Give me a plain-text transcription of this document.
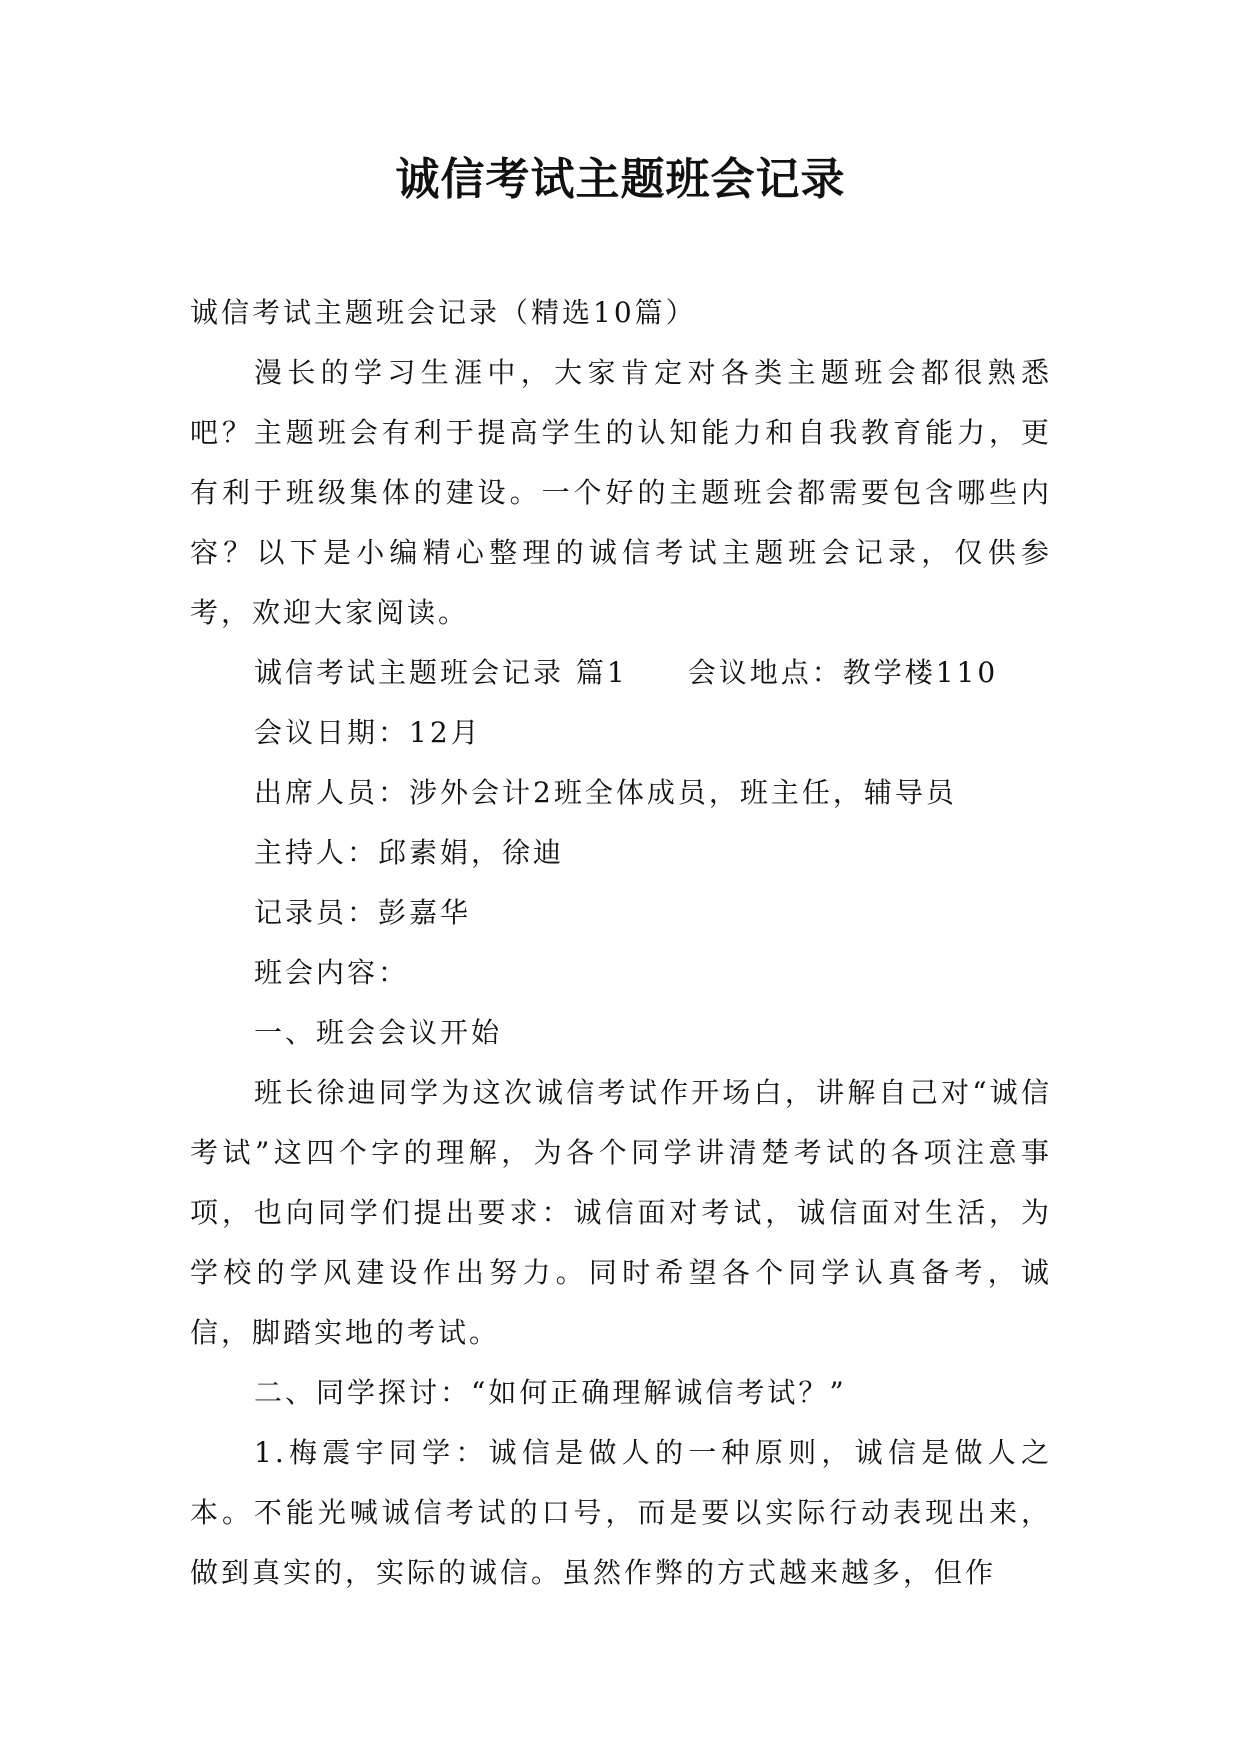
诚信考试主题班会记录

诚信考试主题班会记录（精选10篇）

漫长的学习生涯中，大家肯定对各类主题班会都很熟悉吧？主题班会有利于提高学生的认知能力和自我教育能力，更有利于班级集体的建设。一个好的主题班会都需要包含哪些内容？以下是小编精心整理的诚信考试主题班会记录，仅供参考，欢迎大家阅读。

诚信考试主题班会记录 篇1 会议地点：教学楼110

会议日期：12月

出席人员：涉外会计2班全体成员，班主任，辅导员

主持人：邱素娟，徐迪

记录员：彭嘉华

班会内容：

一、班会会议开始

班长徐迪同学为这次诚信考试作开场白，讲解自己对“诚信考试”这四个字的理解，为各个同学讲清楚考试的各项注意事项，也向同学们提出要求：诚信面对考试，诚信面对生活，为学校的学风建设作出努力。同时希望各个同学认真备考，诚信，脚踏实地的考试。

二、同学探讨：“如何正确理解诚信考试？”

1.梅震宇同学：诚信是做人的一种原则，诚信是做人之本。不能光喊诚信考试的口号，而是要以实际行动表现出来，做到真实的，实际的诚信。虽然作弊的方式越来越多，但作
